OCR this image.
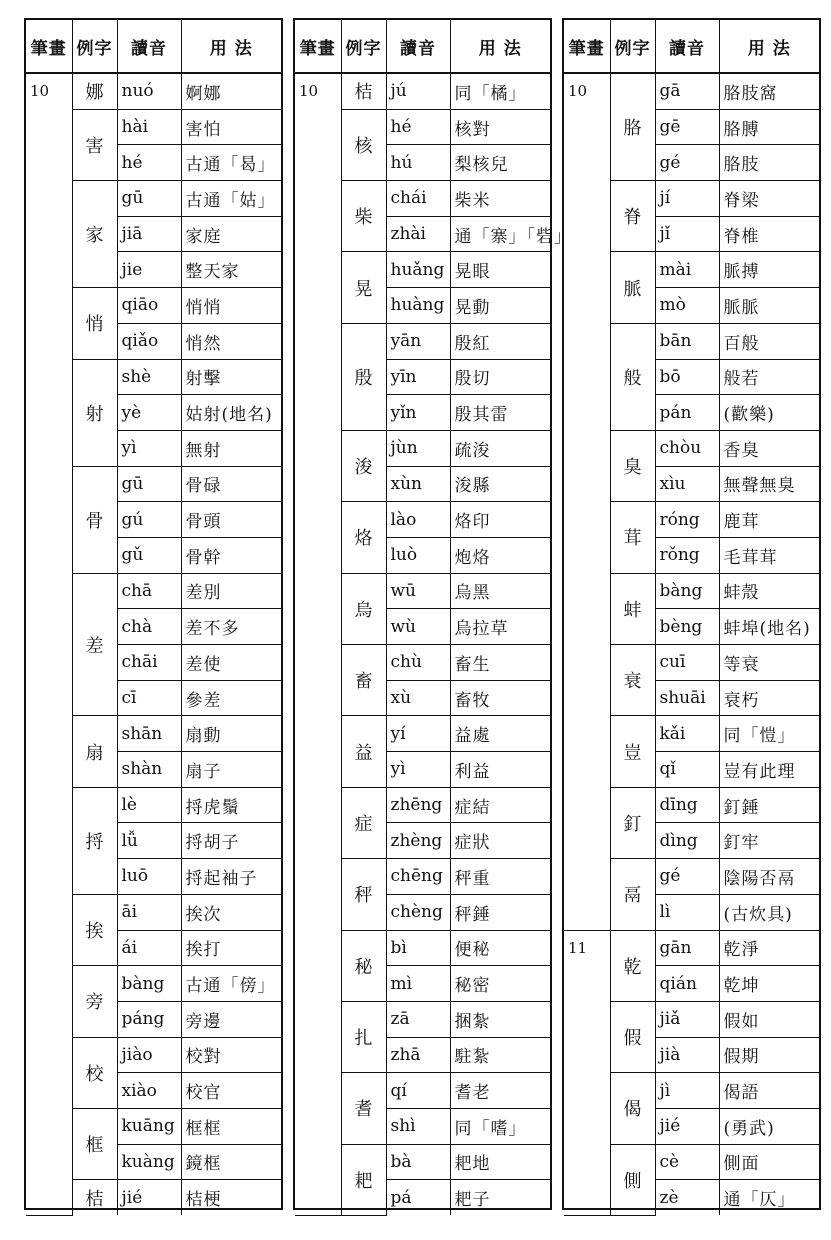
筆畫	例字	讀音	用 法
10	娜	nuó	婀娜
	害	hài	害怕
		hé	古通「曷」
	家	gū	古通「姑」
		jiā	家庭
		jie	整天家
	悄	qiāo	悄悄
		qiǎo	悄然
	射	shè	射擊
		yè	姑射(地名)
		yì	無射
	骨	gū	骨碌
		gú	骨頭
		gǔ	骨幹
	差	chā	差別
		chà	差不多
		chāi	差使
		cī	參差
	扇	shān	扇動
		shàn	扇子
	捋	lè	捋虎鬚
		lǚ	捋胡子
		luō	捋起袖子
	挨	āi	挨次
		ái	挨打
	旁	bàng	古通「傍」
		páng	旁邊
	校	jiào	校對
		xiào	校官
	框	kuāng	框框
		kuàng	鏡框
	桔	jié	桔梗
筆畫	例字	讀音	用 法
10	桔	jú	同「橘」
	核	hé	核對
		hú	梨核兒
	柴	chái	柴米
		zhài	通「寨」「砦」
	晃	huǎng	晃眼
		huàng	晃動
	殷	yān	殷紅
		yīn	殷切
		yǐn	殷其雷
	浚	jùn	疏浚
		xùn	浚縣
	烙	lào	烙印
		luò	炮烙
	烏	wū	烏黑
		wù	烏拉草
	畜	chù	畜生
		xù	畜牧
	益	yí	益處
		yì	利益
	症	zhēng	症結
		zhèng	症狀
	秤	chēng	秤重
		chèng	秤錘
	秘	bì	便秘
		mì	秘密
	扎	zā	捆紮
		zhā	駐紮
	耆	qí	耆老
		shì	同「嗜」
	耙	bà	耙地
		pá	耙子
筆畫	例字	讀音	用 法
10	胳	gā	胳肢窩
		gē	胳膊
		gé	胳肢
	脊	jí	脊梁
		jǐ	脊椎
	脈	mài	脈搏
		mò	脈脈
	般	bān	百般
		bō	般若
		pán	(歡樂)
	臭	chòu	香臭
		xìu	無聲無臭
	茸	róng	鹿茸
		rǒng	毛茸茸
	蚌	bàng	蚌殼
		bèng	蚌埠(地名)
	衰	cuī	等衰
		shuāi	衰朽
	豈	kǎi	同「愷」
		qǐ	豈有此理
	釘	dīng	釘錘
		dìng	釘牢
	鬲	gé	陰陽否鬲
		lì	(古炊具)
11	乾	gān	乾淨
		qián	乾坤
	假	jiǎ	假如
		jià	假期
	偈	jì	偈語
		jié	(勇武)
	側	cè	側面
		zè	通「仄」
